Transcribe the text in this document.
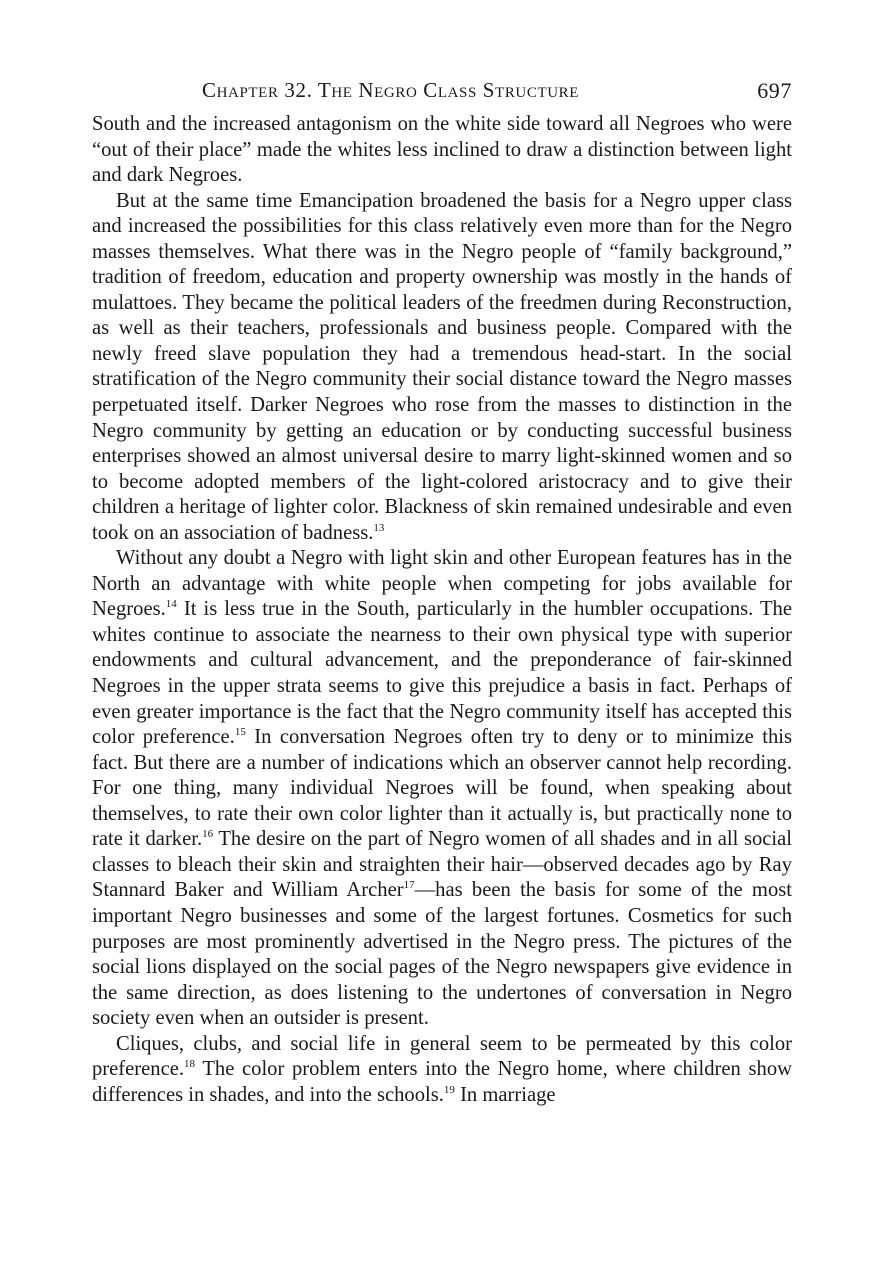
Chapter 32. The Negro Class Structure	697

South and the increased antagonism on the white side toward all Negroes who were “out of their place” made the whites less inclined to draw a distinction between light and dark Negroes.

But at the same time Emancipation broadened the basis for a Negro upper class and increased the possibilities for this class relatively even more than for the Negro masses themselves. What there was in the Negro people of “family background,” tradition of freedom, education and property ownership was mostly in the hands of mulattoes. They became the political leaders of the freedmen during Reconstruction, as well as their teachers, professionals and business people. Compared with the newly freed slave population they had a tremendous head-start. In the social stratification of the Negro community their social distance toward the Negro masses perpetuated itself. Darker Negroes who rose from the masses to distinction in the Negro community by getting an education or by conducting successful business enterprises showed an almost universal desire to marry light-skinned women and so to become adopted members of the light-colored aristocracy and to give their children a heritage of lighter color. Blackness of skin remained undesirable and even took on an association of badness.$^{13}$

Without any doubt a Negro with light skin and other European features has in the North an advantage with white people when competing for jobs available for Negroes.$^{14}$ It is less true in the South, particularly in the humbler occupations. The whites continue to associate the nearness to their own physical type with superior endowments and cultural advancement, and the preponderance of fair-skinned Negroes in the upper strata seems to give this prejudice a basis in fact. Perhaps of even greater importance is the fact that the Negro community itself has accepted this color preference.$^{15}$ In conversation Negroes often try to deny or to minimize this fact. But there are a number of indications which an observer cannot help recording. For one thing, many individual Negroes will be found, when speaking about themselves, to rate their own color lighter than it actually is, but practically none to rate it darker.$^{16}$ The desire on the part of Negro women of all shades and in all social classes to bleach their skin and straighten their hair—observed decades ago by Ray Stannard Baker and William Archer$^{17}$—has been the basis for some of the most important Negro businesses and some of the largest fortunes. Cosmetics for such purposes are most prominently advertised in the Negro press. The pictures of the social lions displayed on the social pages of the Negro newspapers give evidence in the same direction, as does listening to the undertones of conversation in Negro society even when an outsider is present.

Cliques, clubs, and social life in general seem to be permeated by this color preference.$^{18}$ The color problem enters into the Negro home, where children show differences in shades, and into the schools.$^{19}$ In marriage
